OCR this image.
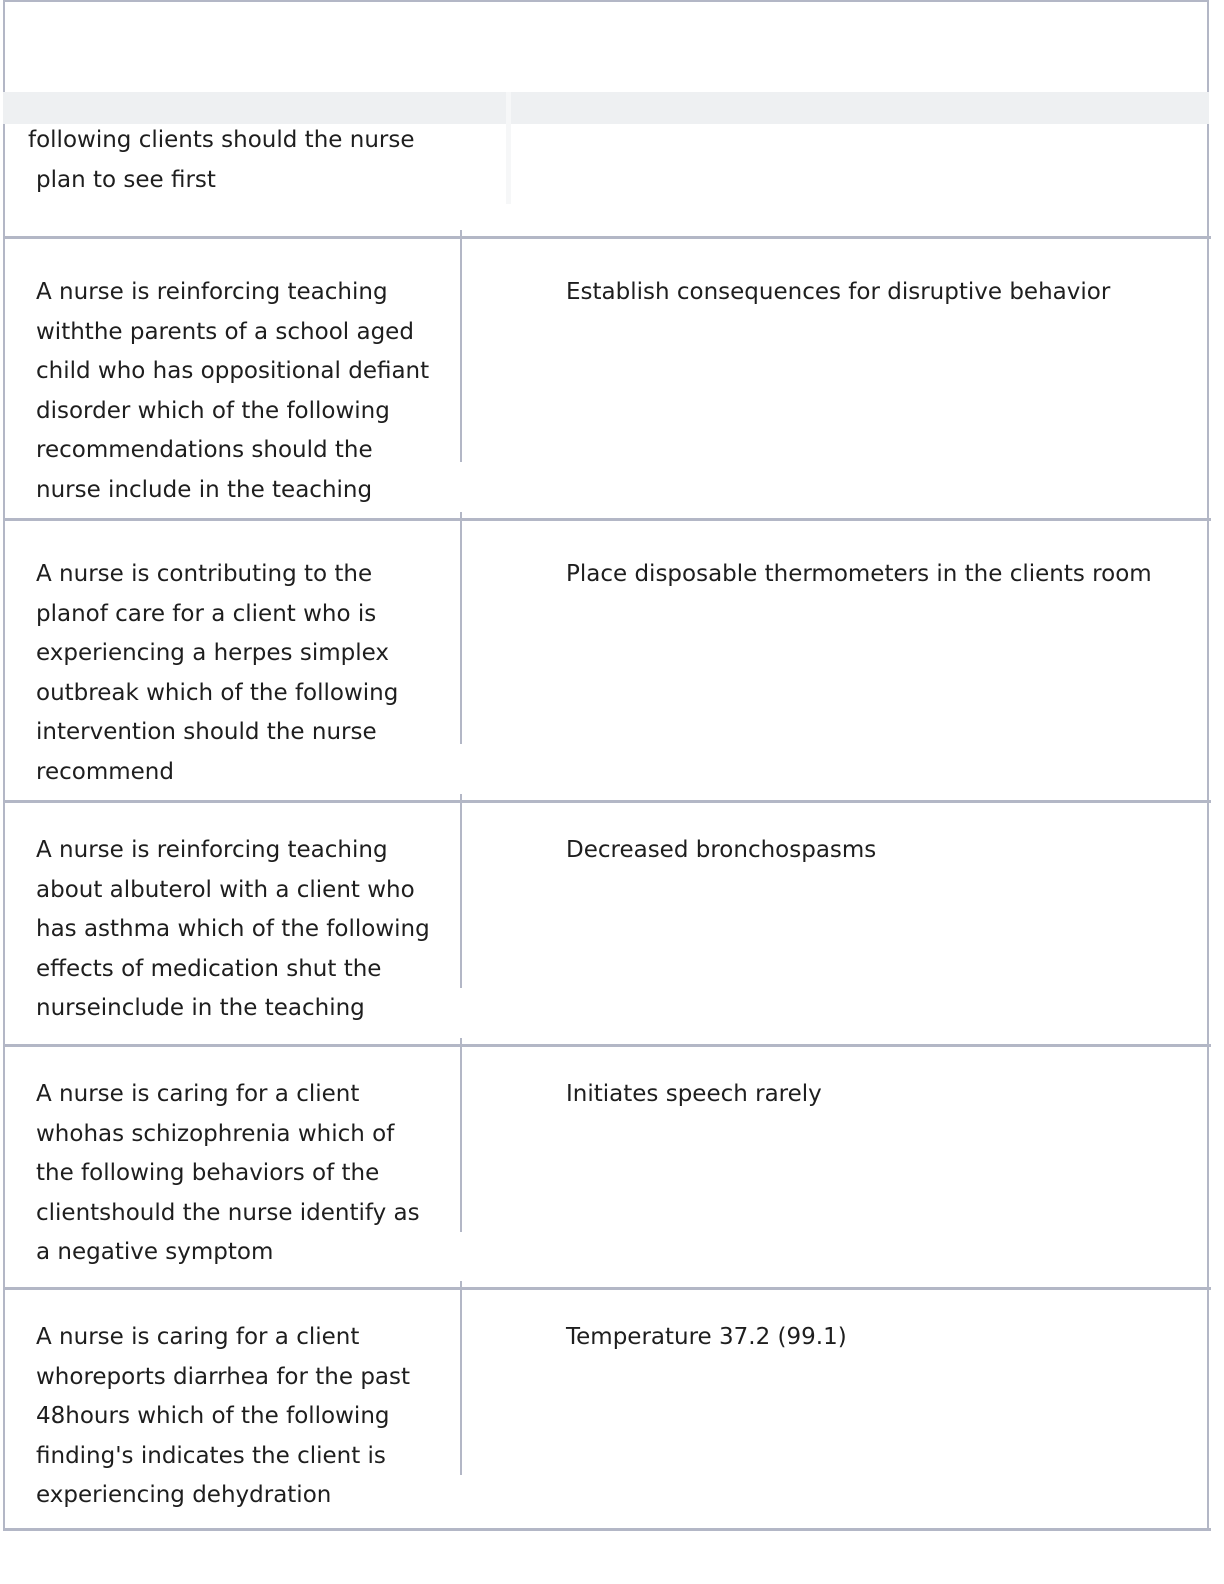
following clients should the nurse
plan to see first
A nurse is reinforcing teaching
withthe parents of a school aged
child who has oppositional defiant
disorder which of the following
recommendations should the
nurse include in the teaching
Establish consequences for disruptive behavior
A nurse is contributing to the
planof care for a client who is
experiencing a herpes simplex
outbreak which of the following
intervention should the nurse
recommend
Place disposable thermometers in the clients room
A nurse is reinforcing teaching
about albuterol with a client who
has asthma which of the following
effects of medication shut the
nurseinclude in the teaching
Decreased bronchospasms
A nurse is caring for a client
whohas schizophrenia which of
the following behaviors of the
clientshould the nurse identify as
a negative symptom
Initiates speech rarely
A nurse is caring for a client
whoreports diarrhea for the past
48hours which of the following
finding's indicates the client is
experiencing dehydration
Temperature 37.2 (99.1)
